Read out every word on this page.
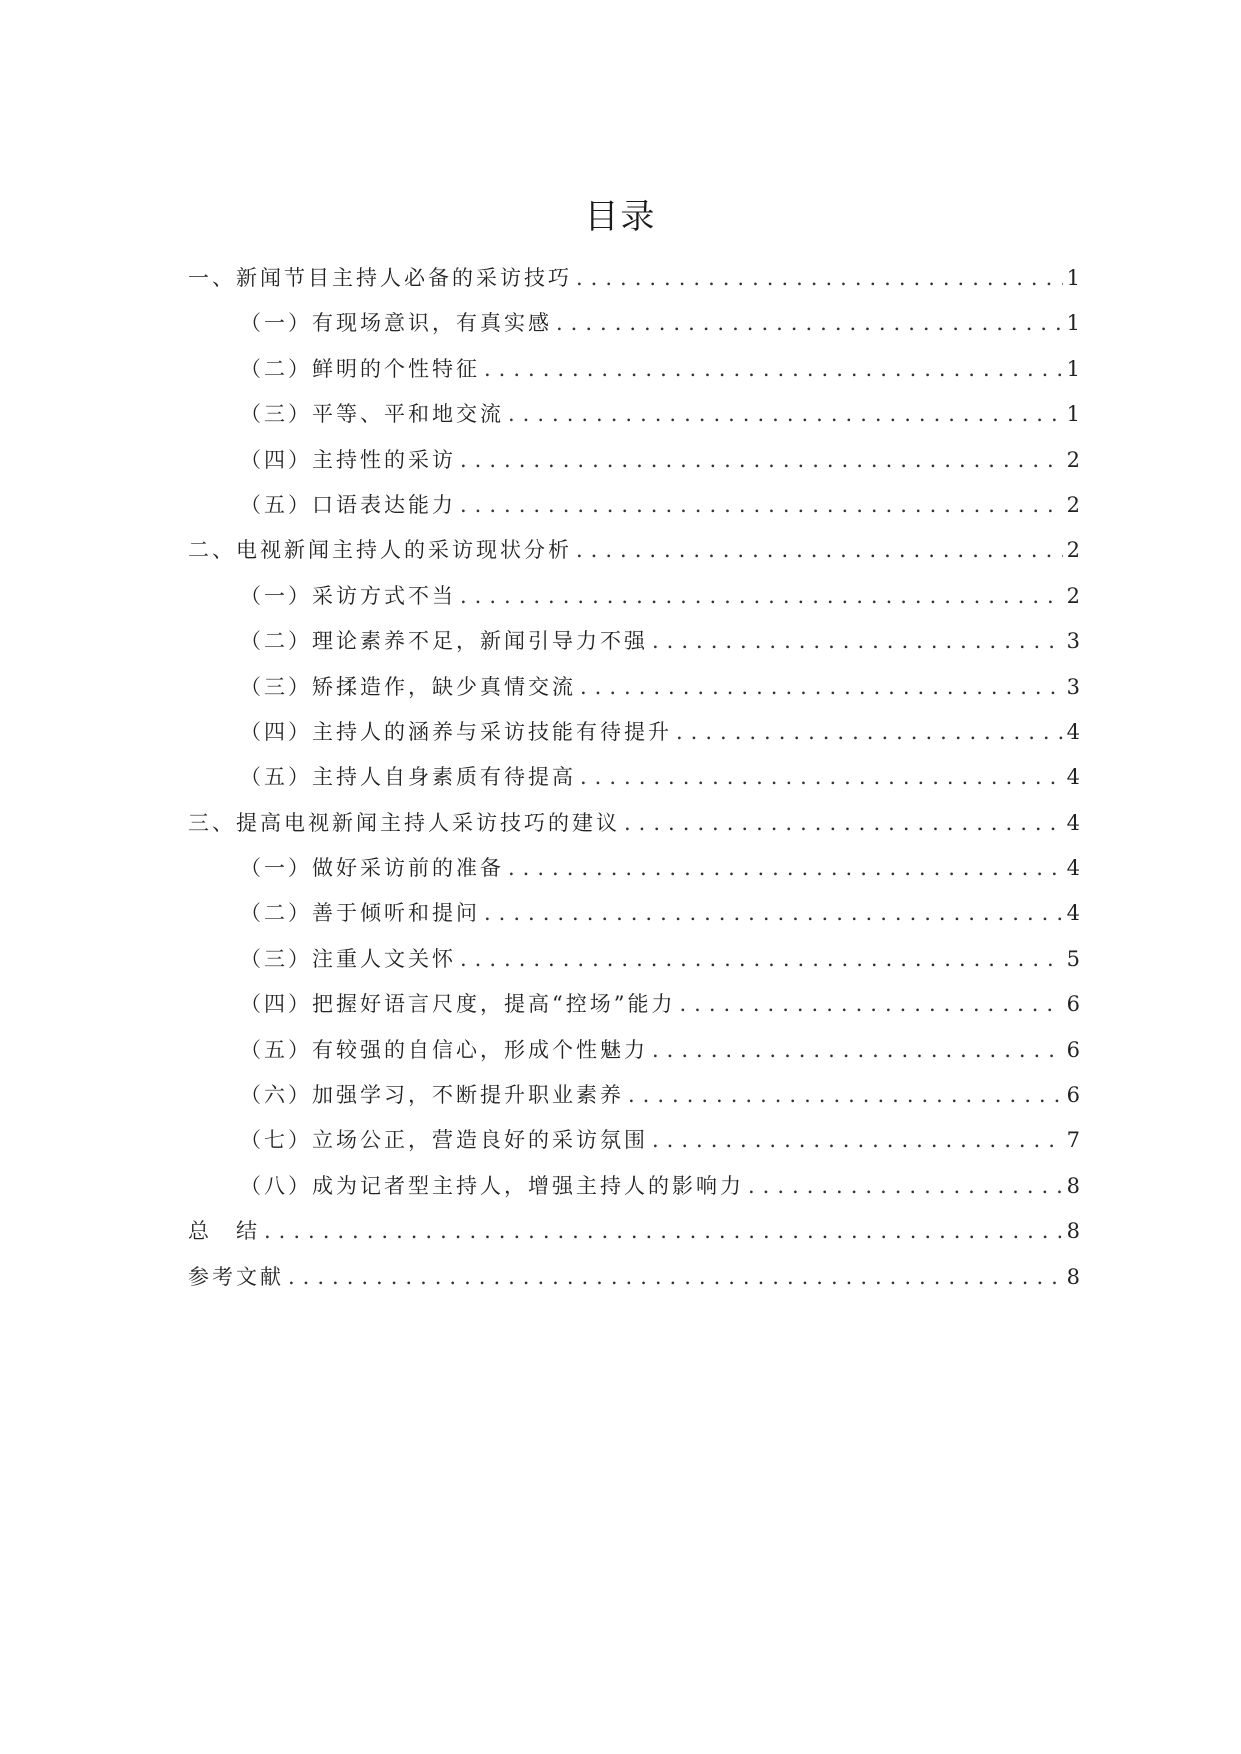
目录
一、新闻节目主持人必备的采访技巧 .....	1
（一）有现场意识，有真实感 .....	1
（二）鲜明的个性特征 .....	1
（三）平等、平和地交流 .....	1
（四）主持性的采访 .....	2
（五）口语表达能力 .....	2
二、电视新闻主持人的采访现状分析 .....	2
（一）采访方式不当 .....	2
（二）理论素养不足，新闻引导力不强 .....	3
（三）矫揉造作，缺少真情交流 .....	3
（四）主持人的涵养与采访技能有待提升 .....	4
（五）主持人自身素质有待提高 .....	4
三、提高电视新闻主持人采访技巧的建议 .....	4
（一）做好采访前的准备 .....	4
（二）善于倾听和提问 .....	4
（三）注重人文关怀 .....	5
（四）把握好语言尺度，提高“控场”能力 .....	6
（五）有较强的自信心，形成个性魅力 .....	6
（六）加强学习，不断提升职业素养 .....	6
（七）立场公正，营造良好的采访氛围 .....	7
（八）成为记者型主持人，增强主持人的影响力 .....	8
总　结 .....	8
参考文献 .....	8
